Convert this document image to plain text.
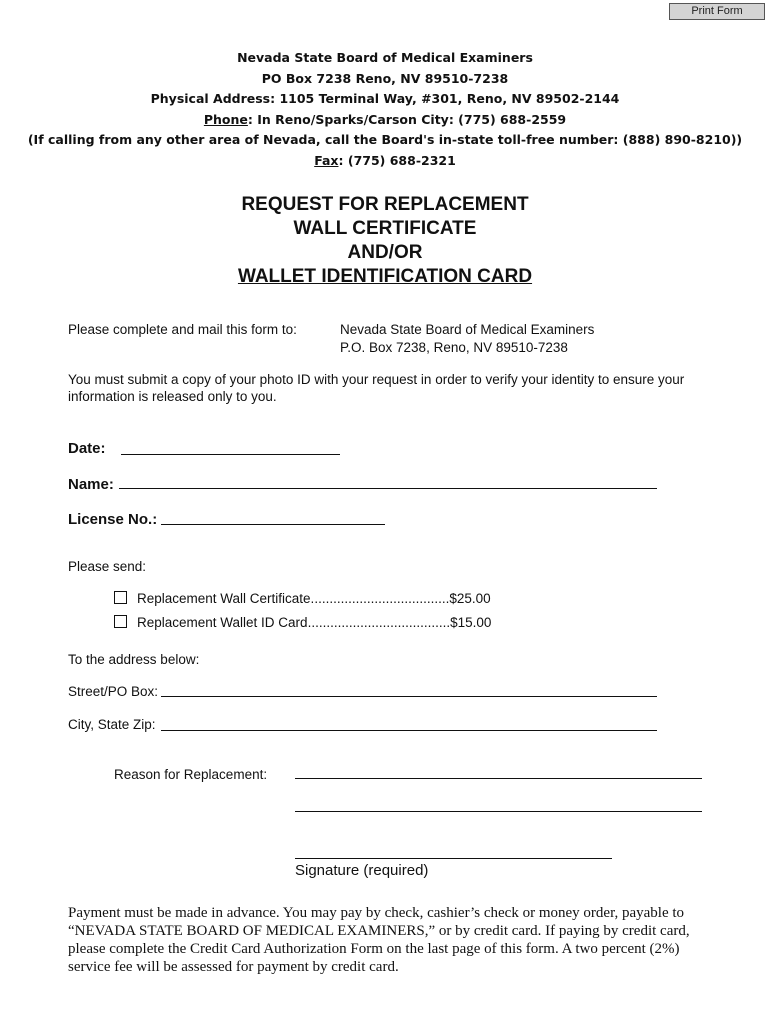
Print Form
Nevada State Board of Medical Examiners
PO Box 7238 Reno, NV 89510-7238
Physical Address: 1105 Terminal Way, #301, Reno, NV 89502-2144
Phone: In Reno/Sparks/Carson City: (775) 688-2559
(If calling from any other area of Nevada, call the Board's in-state toll-free number: (888) 890-8210))
Fax: (775) 688-2321
REQUEST FOR REPLACEMENT
WALL CERTIFICATE
AND/OR
WALLET IDENTIFICATION CARD
Please complete and mail this form to:	Nevada State Board of Medical Examiners
P.O. Box 7238, Reno, NV 89510-7238
You must submit a copy of your photo ID with your request in order to verify your identity to ensure your
information is released only to you.
Date:
Name:
License No.:
Please send:
Replacement Wall Certificate.....................................$25.00
Replacement Wallet ID Card......................................$15.00
To the address below:
Street/PO Box:
City, State Zip:
Reason for Replacement:
Signature (required)
Payment must be made in advance. You may pay by check, cashier’s check or money order, payable to “NEVADA STATE BOARD OF MEDICAL EXAMINERS,” or by credit card. If paying by credit card, please complete the Credit Card Authorization Form on the last page of this form. A two percent (2%) service fee will be assessed for payment by credit card.
